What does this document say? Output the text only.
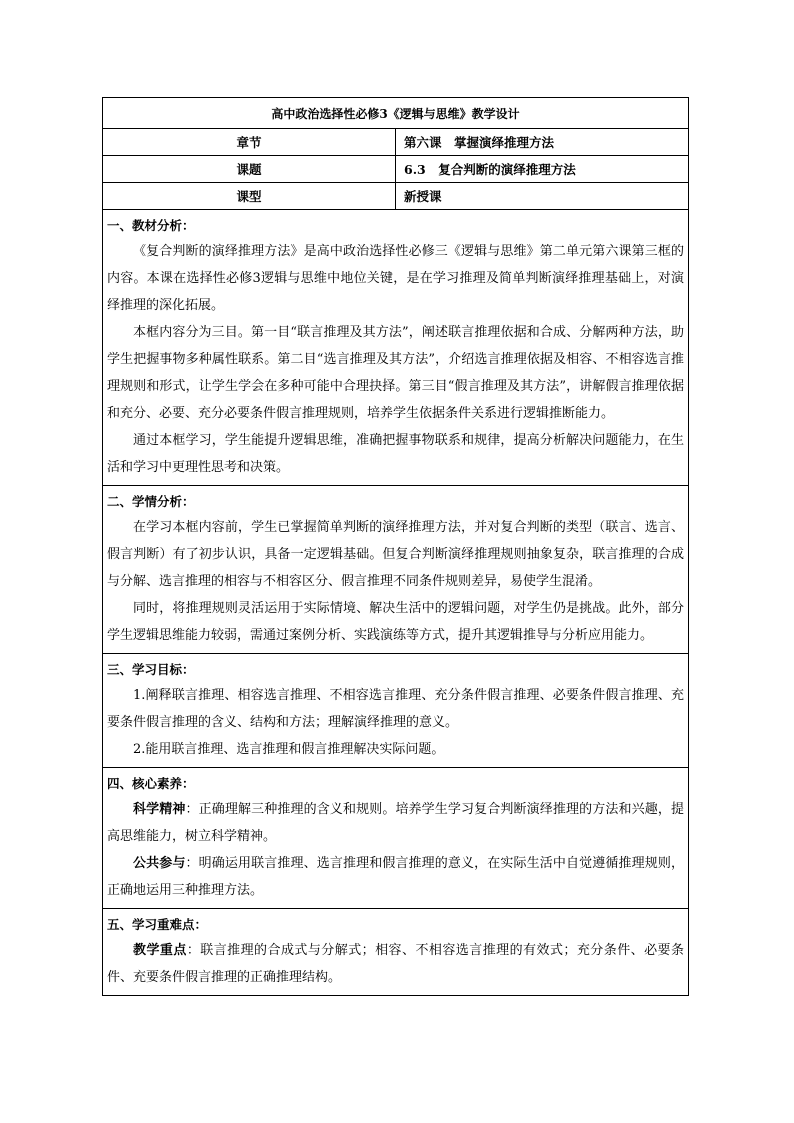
高中政治选择性必修3《逻辑与思维》教学设计	
章节	第六课　掌握演绎推理方法
课题	6.3　复合判断的演绎推理方法
课型	新授课

一、教材分析：

《复合判断的演绎推理方法》是高中政治选择性必修三《逻辑与思维》第二单元第六课第三框的内容。本课在选择性必修3逻辑与思维中地位关键，是在学习推理及简单判断演绎推理基础上，对演绎推理的深化拓展。

本框内容分为三目。第一目“联言推理及其方法”，阐述联言推理依据和合成、分解两种方法，助学生把握事物多种属性联系。第二目“选言推理及其方法”，介绍选言推理依据及相容、不相容选言推理规则和形式，让学生学会在多种可能中合理抉择。第三目“假言推理及其方法”，讲解假言推理依据和充分、必要、充分必要条件假言推理规则，培养学生依据条件关系进行逻辑推断能力。

通过本框学习，学生能提升逻辑思维，准确把握事物联系和规律，提高分析解决问题能力，在生活和学习中更理性思考和决策。	

二、学情分析：

在学习本框内容前，学生已掌握简单判断的演绎推理方法，并对复合判断的类型（联言、选言、假言判断）有了初步认识，具备一定逻辑基础。但复合判断演绎推理规则抽象复杂，联言推理的合成与分解、选言推理的相容与不相容区分、假言推理不同条件规则差异，易使学生混淆。

同时，将推理规则灵活运用于实际情境、解决生活中的逻辑问题，对学生仍是挑战。此外，部分学生逻辑思维能力较弱，需通过案例分析、实践演练等方式，提升其逻辑推导与分析应用能力。	

三、学习目标：

1.阐释联言推理、相容选言推理、不相容选言推理、充分条件假言推理、必要条件假言推理、充要条件假言推理的含义、结构和方法；理解演绎推理的意义。

2.能用联言推理、选言推理和假言推理解决实际问题。	

四、核心素养：

科学精神：正确理解三种推理的含义和规则。培养学生学习复合判断演绎推理的方法和兴趣，提高思维能力，树立科学精神。

公共参与：明确运用联言推理、选言推理和假言推理的意义，在实际生活中自觉遵循推理规则，正确地运用三种推理方法。	

五、学习重难点：

教学重点：联言推理的合成式与分解式；相容、不相容选言推理的有效式；充分条件、必要条件、充要条件假言推理的正确推理结构。	
